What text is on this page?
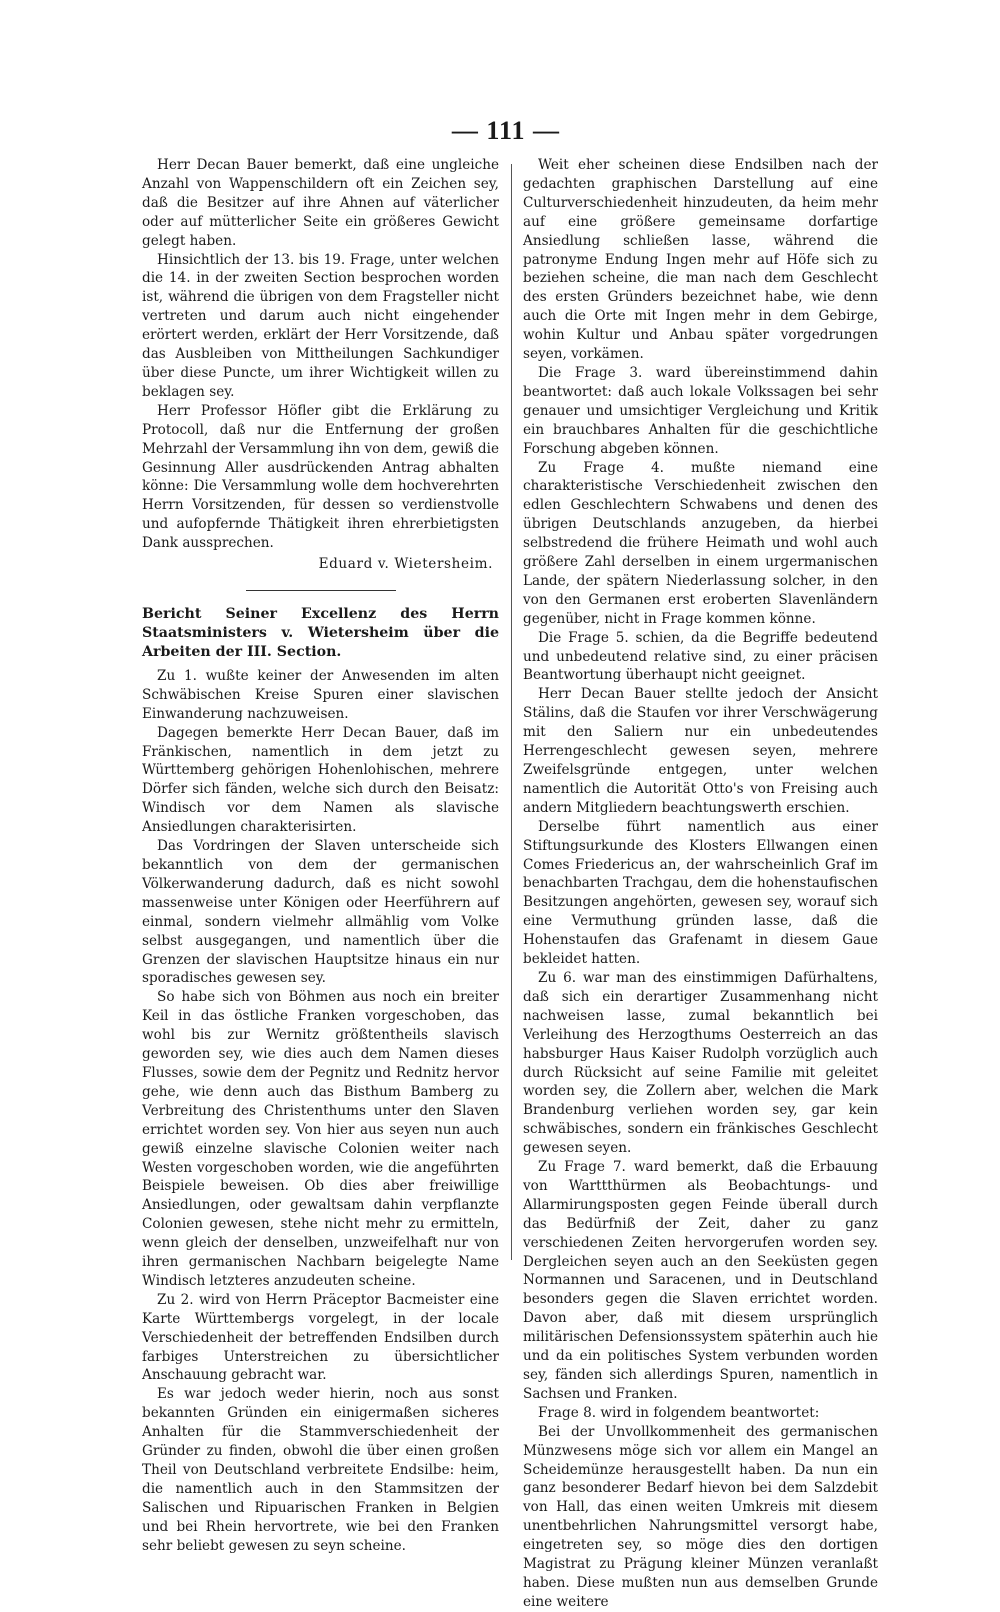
— 111 —

Herr Decan Bauer bemerkt, daß eine ungleiche Anzahl von Wappenschildern oft ein Zeichen sey, daß die Besitzer auf ihre Ahnen auf väterlicher oder auf mütterlicher Seite ein größeres Gewicht gelegt haben.

Hinsichtlich der 13. bis 19. Frage, unter welchen die 14. in der zweiten Section besprochen worden ist, während die übrigen von dem Fragsteller nicht vertreten und darum auch nicht eingehender erörtert werden, erklärt der Herr Vorsitzende, daß das Ausbleiben von Mittheilungen Sachkundiger über diese Puncte, um ihrer Wichtigkeit willen zu beklagen sey.

Herr Professor Höfler gibt die Erklärung zu Protocoll, daß nur die Entfernung der großen Mehrzahl der Versammlung ihn von dem, gewiß die Gesinnung Aller ausdrückenden Antrag abhalten könne: Die Versammlung wolle dem hochverehrten Herrn Vorsitzenden, für dessen so verdienstvolle und aufopfernde Thätigkeit ihren ehrerbietigsten Dank aussprechen.

Eduard v. Wietersheim.

Bericht Seiner Excellenz des Herrn Staatsministers v. Wietersheim über die Arbeiten der III. Section.

Zu 1. wußte keiner der Anwesenden im alten Schwäbischen Kreise Spuren einer slavischen Einwanderung nachzuweisen.

Dagegen bemerkte Herr Decan Bauer, daß im Fränkischen, namentlich in dem jetzt zu Württemberg gehörigen Hohenlohischen, mehrere Dörfer sich fänden, welche sich durch den Beisatz: Windisch vor dem Namen als slavische Ansiedlungen charakterisirten.

Das Vordringen der Slaven unterscheide sich bekanntlich von dem der germanischen Völkerwanderung dadurch, daß es nicht sowohl massenweise unter Königen oder Heerführern auf einmal, sondern vielmehr allmählig vom Volke selbst ausgegangen, und namentlich über die Grenzen der slavischen Hauptsitze hinaus ein nur sporadisches gewesen sey.

So habe sich von Böhmen aus noch ein breiter Keil in das östliche Franken vorgeschoben, das wohl bis zur Wernitz größtentheils slavisch geworden sey, wie dies auch dem Namen dieses Flusses, sowie dem der Pegnitz und Rednitz hervor gehe, wie denn auch das Bisthum Bamberg zu Verbreitung des Christenthums unter den Slaven errichtet worden sey. Von hier aus seyen nun auch gewiß einzelne slavische Colonien weiter nach Westen vorgeschoben worden, wie die angeführten Beispiele beweisen. Ob dies aber freiwillige Ansiedlungen, oder gewaltsam dahin verpflanzte Colonien gewesen, stehe nicht mehr zu ermitteln, wenn gleich der denselben, unzweifelhaft nur von ihren germanischen Nachbarn beigelegte Name Windisch letzteres anzudeuten scheine.

Zu 2. wird von Herrn Präceptor Bacmeister eine Karte Württembergs vorgelegt, in der locale Verschiedenheit der betreffenden Endsilben durch farbiges Unterstreichen zu übersichtlicher Anschauung gebracht war.

Es war jedoch weder hierin, noch aus sonst bekannten Gründen ein einigermaßen sicheres Anhalten für die Stammverschiedenheit der Gründer zu finden, obwohl die über einen großen Theil von Deutschland verbreitete Endsilbe: heim, die namentlich auch in den Stammsitzen der Salischen und Ripuarischen Franken in Belgien und bei Rhein hervortrete, wie bei den Franken sehr beliebt gewesen zu seyn scheine.

Weit eher scheinen diese Endsilben nach der gedachten graphischen Darstellung auf eine Culturverschiedenheit hinzudeuten, da heim mehr auf eine größere gemeinsame dorfartige Ansiedlung schließen lasse, während die patronyme Endung Ingen mehr auf Höfe sich zu beziehen scheine, die man nach dem Geschlecht des ersten Gründers bezeichnet habe, wie denn auch die Orte mit Ingen mehr in dem Gebirge, wohin Kultur und Anbau später vorgedrungen seyen, vorkämen.

Die Frage 3. ward übereinstimmend dahin beantwortet: daß auch lokale Volkssagen bei sehr genauer und umsichtiger Vergleichung und Kritik ein brauchbares Anhalten für die geschichtliche Forschung abgeben können.

Zu Frage 4. mußte niemand eine charakteristische Verschiedenheit zwischen den edlen Geschlechtern Schwabens und denen des übrigen Deutschlands anzugeben, da hierbei selbstredend die frühere Heimath und wohl auch größere Zahl derselben in einem urgermanischen Lande, der spätern Niederlassung solcher, in den von den Germanen erst eroberten Slavenländern gegenüber, nicht in Frage kommen könne.

Die Frage 5. schien, da die Begriffe bedeutend und unbedeutend relative sind, zu einer präcisen Beantwortung überhaupt nicht geeignet.

Herr Decan Bauer stellte jedoch der Ansicht Stälins, daß die Staufen vor ihrer Verschwägerung mit den Saliern nur ein unbedeutendes Herrengeschlecht gewesen seyen, mehrere Zweifelsgründe entgegen, unter welchen namentlich die Autorität Otto's von Freising auch andern Mitgliedern beachtungswerth erschien.

Derselbe führt namentlich aus einer Stiftungsurkunde des Klosters Ellwangen einen Comes Friedericus an, der wahrscheinlich Graf im benachbarten Trachgau, dem die hohenstaufischen Besitzungen angehörten, gewesen sey, worauf sich eine Vermuthung gründen lasse, daß die Hohenstaufen das Grafenamt in diesem Gaue bekleidet hatten.

Zu 6. war man des einstimmigen Dafürhaltens, daß sich ein derartiger Zusammenhang nicht nachweisen lasse, zumal bekanntlich bei Verleihung des Herzogthums Oesterreich an das habsburger Haus Kaiser Rudolph vorzüglich auch durch Rücksicht auf seine Familie mit geleitet worden sey, die Zollern aber, welchen die Mark Brandenburg verliehen worden sey, gar kein schwäbisches, sondern ein fränkisches Geschlecht gewesen seyen.

Zu Frage 7. ward bemerkt, daß die Erbauung von Warttthürmen als Beobachtungs- und Allarmirungsposten gegen Feinde überall durch das Bedürfniß der Zeit, daher zu ganz verschiedenen Zeiten hervorgerufen worden sey. Dergleichen seyen auch an den Seeküsten gegen Normannen und Saracenen, und in Deutschland besonders gegen die Slaven errichtet worden. Davon aber, daß mit diesem ursprünglich militärischen Defensionssystem späterhin auch hie und da ein politisches System verbunden worden sey, fänden sich allerdings Spuren, namentlich in Sachsen und Franken.

Frage 8. wird in folgendem beantwortet:

Bei der Unvollkommenheit des germanischen Münzwesens möge sich vor allem ein Mangel an Scheidemünze herausgestellt haben. Da nun ein ganz besonderer Bedarf hievon bei dem Salzdebit von Hall, das einen weiten Umkreis mit diesem unentbehrlichen Nahrungsmittel versorgt habe, eingetreten sey, so möge dies den dortigen Magistrat zu Prägung kleiner Münzen veranlaßt haben. Diese mußten nun aus demselben Grunde eine weitere
